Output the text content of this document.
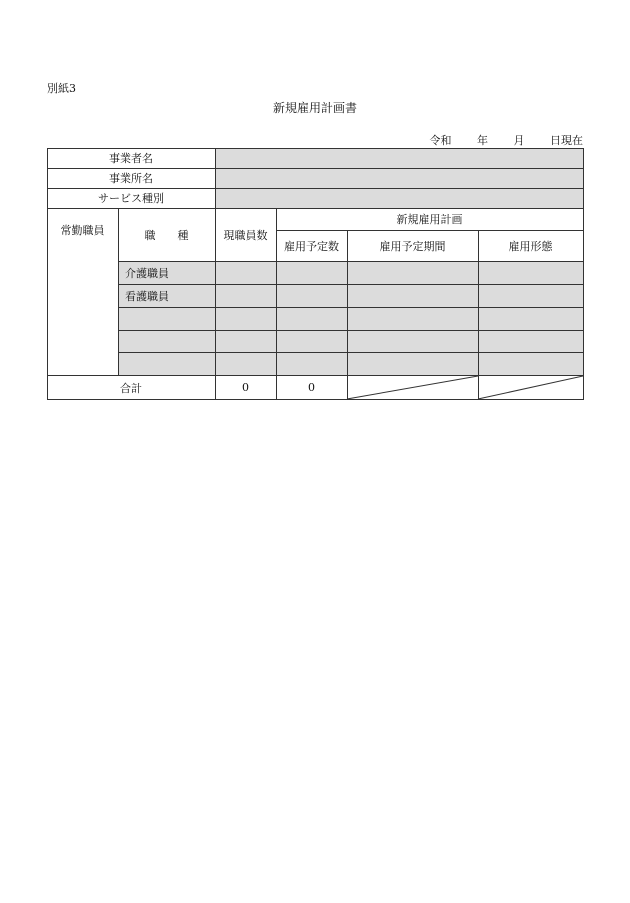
別紙3
新規雇用計画書
令和 年 月 日現在
事業者名
事業所名
サービス種別
常勤職員	職　　種	現職員数
新規雇用計画
雇用予定数	雇用予定期間	雇用形態
介護職員
看護職員
合計	0	0
